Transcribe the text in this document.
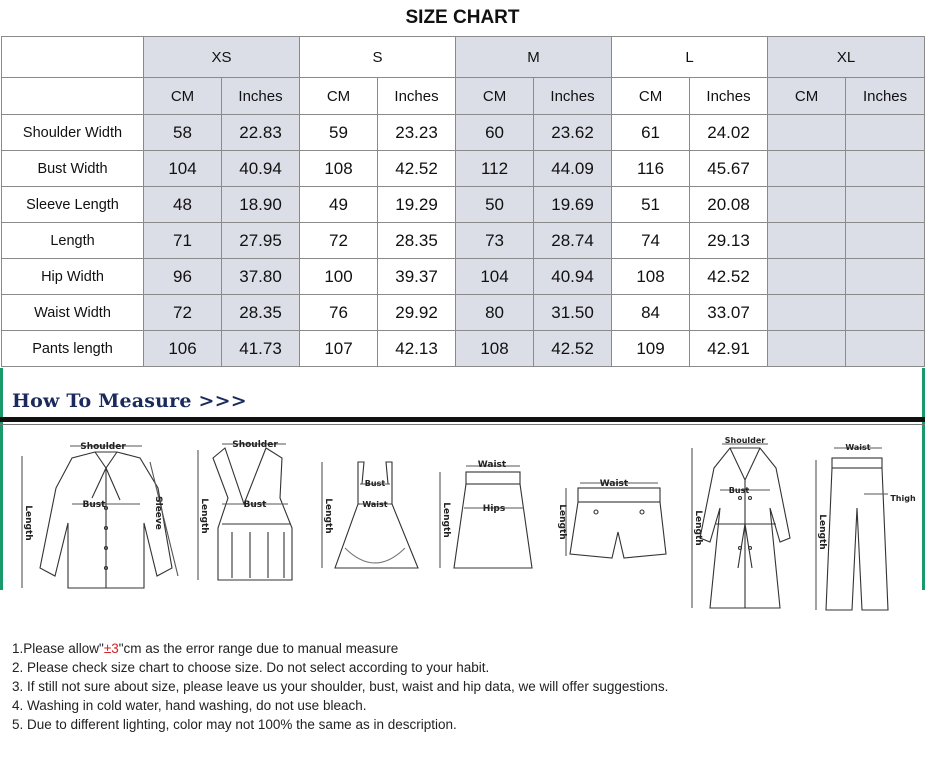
SIZE CHART
	XS		S		M		L		XL	
	CM	Inches	CM	Inches	CM	Inches	CM	Inches	CM	Inches
Shoulder Width	58	22.83	59	23.23	60	23.62	61	24.02		
Bust Width	104	40.94	108	42.52	112	44.09	116	45.67		
Sleeve Length	48	18.90	49	19.29	50	19.69	51	20.08		
Length	71	27.95	72	28.35	73	28.74	74	29.13		
Hip Width	96	37.80	100	39.37	104	40.94	108	42.52		
Waist Width	72	28.35	76	29.92	80	31.50	84	33.07		
Pants length	106	41.73	107	42.13	108	42.52	109	42.91		
How To Measure >>>
Shoulder
Bust
Length	Sleeve
Shoulder
Bust
Length
Bust
Waist
Length
Waist
Hips
Length
Waist
Length
Shoulder
Bust
Length
Waist
Thigh
Length
1.Please allow"±3"cm as the error range due to manual measure
2. Please check size chart to choose size. Do not select according to your habit.
3. If still not sure about size, please leave us your shoulder, bust, waist and hip data, we will offer suggestions.
4. Washing in cold water, hand washing, do not use bleach.
5. Due to different lighting, color may not 100% the same as in description.
